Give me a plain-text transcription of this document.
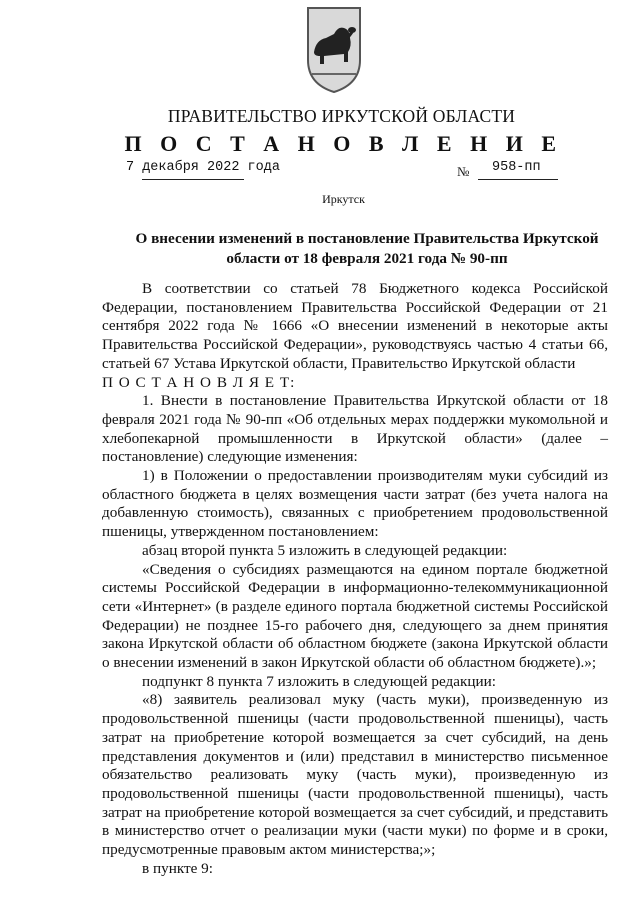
ПРАВИТЕЛЬСТВО ИРКУТСКОЙ ОБЛАСТИ
П О С Т А Н О В Л Е Н И Е
7 декабря 2022 года	№ 958-пп
Иркутск
О внесении изменений в постановление Правительства Иркутской области от 18 февраля 2021 года № 90-пп

В соответствии со статьей 78 Бюджетного кодекса Российской Федерации, постановлением Правительства Российской Федерации от 21 сентября 2022 года № 1666 «О внесении изменений в некоторые акты Правительства Российской Федерации», руководствуясь частью 4 статьи 66, статьей 67 Устава Иркутской области, Правительство Иркутской области

П О С Т А Н О В Л Я Е Т:

1. Внести в постановление Правительства Иркутской области от 18 февраля 2021 года № 90-пп «Об отдельных мерах поддержки мукомольной и хлебопекарной промышленности в Иркутской области» (далее – постановление) следующие изменения:

1) в Положении о предоставлении производителям муки субсидий из областного бюджета в целях возмещения части затрат (без учета налога на добавленную стоимость), связанных с приобретением продовольственной пшеницы, утвержденном постановлением:

абзац второй пункта 5 изложить в следующей редакции:

«Сведения о субсидиях размещаются на едином портале бюджетной системы Российской Федерации в информационно-телекоммуникационной сети «Интернет» (в разделе единого портала бюджетной системы Российской Федерации) не позднее 15-го рабочего дня, следующего за днем принятия закона Иркутской области об областном бюджете (закона Иркутской области о внесении изменений в закон Иркутской области об областном бюджете).»;

подпункт 8 пункта 7 изложить в следующей редакции:

«8) заявитель реализовал муку (часть муки), произведенную из продовольственной пшеницы (части продовольственной пшеницы), часть затрат на приобретение которой возмещается за счет субсидий, на день представления документов и (или) представил в министерство письменное обязательство реализовать муку (часть муки), произведенную из продовольственной пшеницы (части продовольственной пшеницы), часть затрат на приобретение которой возмещается за счет субсидий, и представить в министерство отчет о реализации муки (части муки) по форме и в сроки, предусмотренные правовым актом министерства;»;

в пункте 9:
